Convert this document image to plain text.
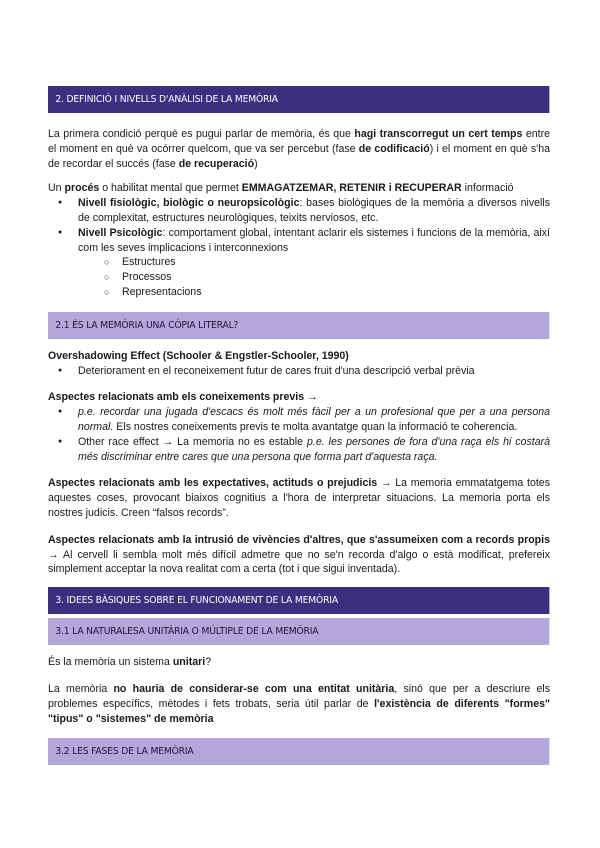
2. DEFINICIÓ I NIVELLS D'ANÀLISI DE LA MEMÒRIA

La primera condició perquè es pugui parlar de memòria, és que hagi transcorregut un cert temps entre el moment en què va ocórrer quelcom, que va ser percebut (fase de codificació) i el moment en què s'ha de recordar el succés (fase de recuperació)

Un procés o habilitat mental que permet EMMAGATZEMAR, RETENIR i RECUPERAR informació

● Nivell fisiològic, biològic o neuropsicològic: bases biològiques de la memòria a diversos nivells de complexitat, estructures neurològiques, teixits nerviosos, etc.
● Nivell Psicològic: comportament global, intentant aclarir els sistemes i funcions de la memòria, així com les seves implicacions i interconnexions
○ Estructures
○ Processos
○ Representacions
2.1 ÉS LA MEMÒRIA UNA CÒPIA LITERAL?

Overshadowing Effect (Schooler & Engstler-Schooler, 1990)

● Deteriorament en el reconeixement futur de cares fruit d'una descripció verbal prèvia

Aspectes relacionats amb els coneixements previs →

● p.e. recordar una jugada d'escacs és molt més fàcil per a un profesional que per a una persona normal. Els nostres coneixements previs te molta avantatge quan la informació te coherencia.
● Other race effect → La memoria no es estable p.e. les persones de fora d'una raça els hi costarà més discriminar entre cares que una persona que forma part d'aquesta raça.

Aspectes relacionats amb les expectatives, actituds o prejudicis → La memoria emmatatgema totes aquestes coses, provocant biaixos cognitius a l'hora de interpretar situacions. La memoria porta els nostres judicis. Creen “falsos records”.

Aspectes relacionats amb la intrusió de vivències d'altres, que s'assumeixen com a records propis → Al cervell li sembla molt més difícil admetre que no se'n recorda d'algo o està modificat, prefereix simplement acceptar la nova realitat com a certa (tot i que sigui inventada).

3. IDEES BÀSIQUES SOBRE EL FUNCIONAMENT DE LA MEMÒRIA
3.1 LA NATURALESA UNITÀRIA O MÚLTIPLE DE LA MEMÒRIA

És la memòria un sistema unitari?

La memòria no hauria de considerar-se com una entitat unitària, sinó que per a descriure els problemes específics, mètodes i fets trobats, seria útil parlar de l'existència de diferents "formes" "tipus" o "sistemes" de memòria

3.2 LES FASES DE LA MEMÒRIA
